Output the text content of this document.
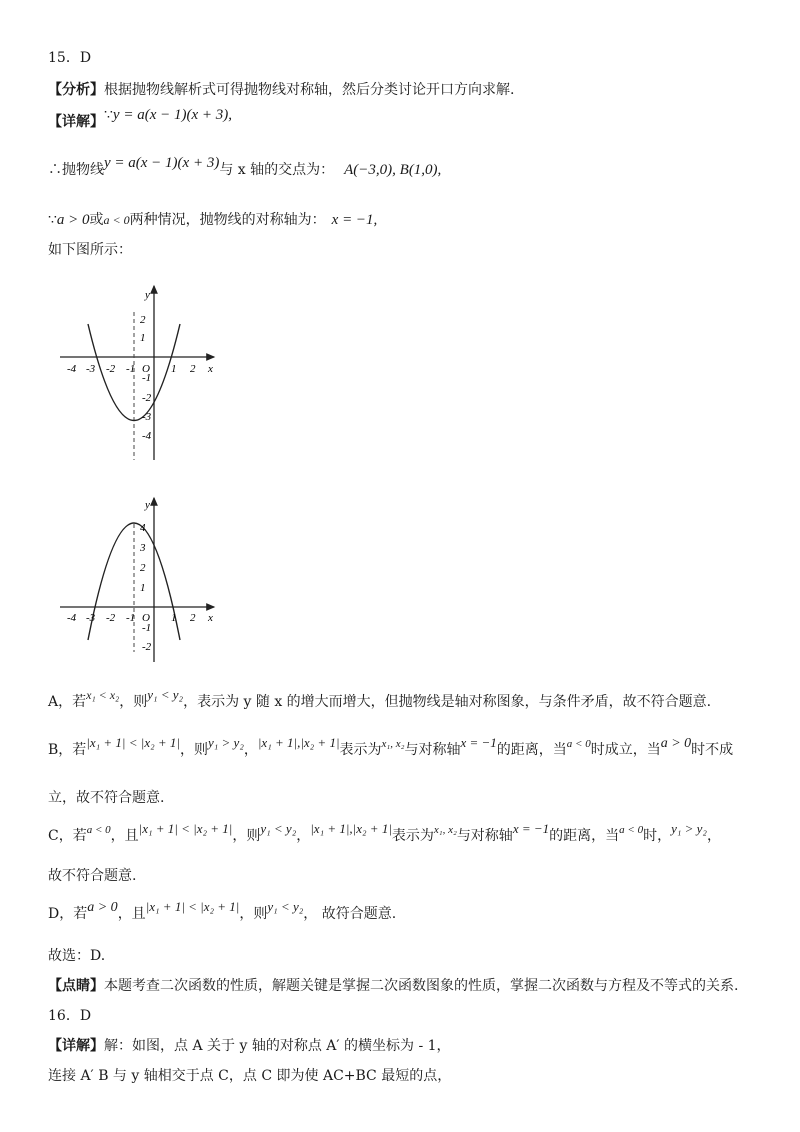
15．D
【分析】根据抛物线解析式可得抛物线对称轴，然后分类讨论开口方向求解.
【详解】∵y = a(x − 1)(x + 3),
∴抛物线y = a(x − 1)(x + 3)与 x 轴的交点为： A(−3,0), B(1,0),
∵a > 0或a < 0两种情况，抛物线的对称轴为： x = −1,
如下图所示：
y
x
O
-4 -3 -2 -1	1 2
2
1
-1
-2
-3
-4
y
x
O
-4 -3 -2 -1	1 2
4
3
2
1
-1
-2
A，若x₁ < x₂，则y₁ < y₂，表示为 y 随 x 的增大而增大，但抛物线是轴对称图象，与条件矛盾，故不符合题意.
B，若|x₁ + 1| < |x₂ + 1|，则y₁ > y₂，|x₁ + 1|,|x₂ + 1|表示为$^{x_1, x_2}$与对称轴x = −1的距离，当$^{a < 0}$时成立，当a > 0时不成
立，故不符合题意.
C，若$^{a < 0}$，且|x₁ + 1| < |x₂ + 1|，则y₁ < y₂，|x₁ + 1|,|x₂ + 1|表示为$^{x_1, x_2}$与对称轴x = −1的距离，当$^{a < 0}$时，y₁ > y₂，
故不符合题意.
D，若a > 0，且|x₁ + 1| < |x₂ + 1|，则y₁ < y₂， 故符合题意.
故选：D.
【点睛】本题考查二次函数的性质，解题关键是掌握二次函数图象的性质，掌握二次函数与方程及不等式的关系.
16．D
【详解】解：如图，点 A 关于 y 轴的对称点 A′ 的横坐标为 - 1，
连接 A′ B 与 y 轴相交于点 C，点 C 即为使 AC+BC 最短的点，
